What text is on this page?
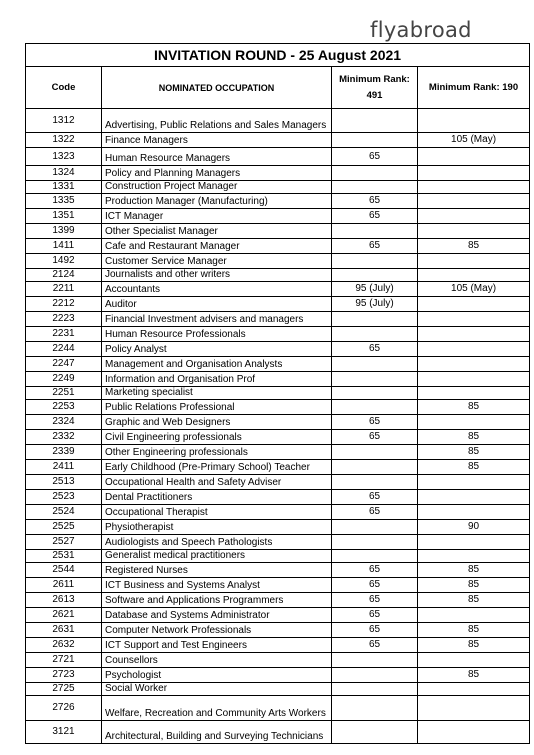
flyabroad
INVITATION ROUND - 25 August 2021			
Code	NOMINATED OCCUPATION	Minimum Rank: 491	Minimum Rank: 190
1312	Advertising, Public Relations and Sales Managers		
1322	Finance Managers		105 (May)
1323	Human Resource Managers	65	
1324	Policy and Planning Managers		
1331	Construction Project Manager		
1335	Production Manager (Manufacturing)	65	
1351	ICT Manager	65	
1399	Other Specialist Manager		
1411	Cafe and Restaurant Manager	65	85
1492	Customer Service Manager		
2124	Journalists and other writers		
2211	Accountants	95 (July)	105 (May)
2212	Auditor	95 (July)	
2223	Financial Investment advisers and managers		
2231	Human Resource Professionals		
2244	Policy Analyst	65	
2247	Management and Organisation Analysts		
2249	Information and Organisation Prof		
2251	Marketing specialist		
2253	Public Relations Professional		85
2324	Graphic and Web Designers	65	
2332	Civil Engineering professionals	65	85
2339	Other Engineering professionals		85
2411	Early Childhood (Pre-Primary School) Teacher		85
2513	Occupational Health and Safety Adviser		
2523	Dental Practitioners	65	
2524	Occupational Therapist	65	
2525	Physiotherapist		90
2527	Audiologists and Speech Pathologists		
2531	Generalist medical practitioners		
2544	Registered Nurses	65	85
2611	ICT Business and Systems Analyst	65	85
2613	Software and Applications Programmers	65	85
2621	Database and Systems Administrator	65	
2631	Computer Network Professionals	65	85
2632	ICT Support and Test Engineers	65	85
2721	Counsellors		
2723	Psychologist		85
2725	Social Worker		
2726	Welfare, Recreation and Community Arts Workers		
3121	Architectural, Building and Surveying Technicians		
